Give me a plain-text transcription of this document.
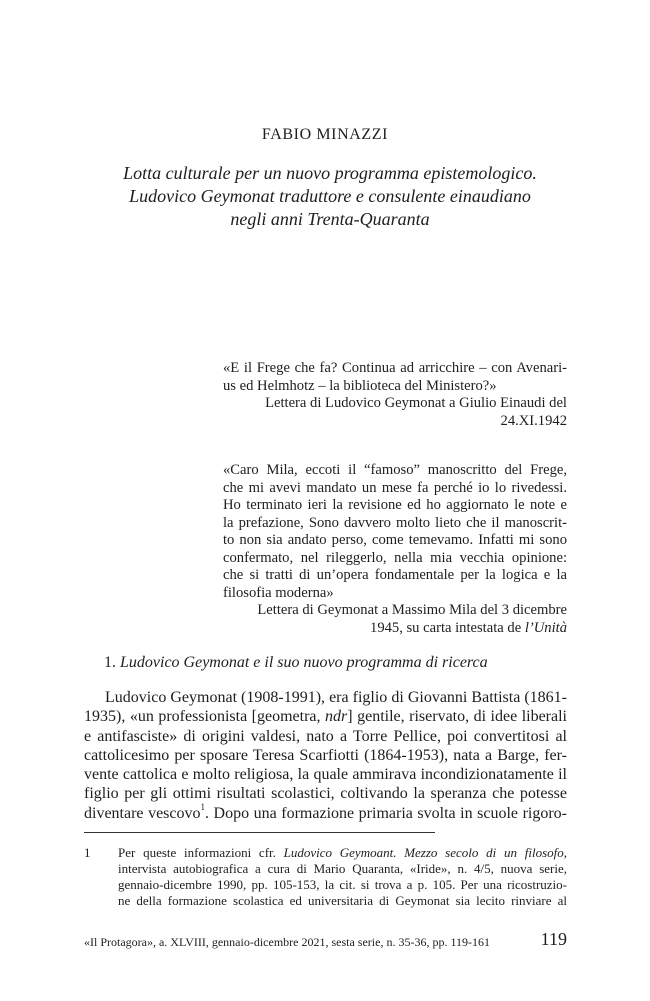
FABIO MINAZZI
Lotta culturale per un nuovo programma epistemologico.
Ludovico Geymonat traduttore e consulente einaudiano
negli anni Trenta-Quaranta
«E il Frege che fa? Continua ad arricchire – con Avenari-
us ed Helmhotz – la biblioteca del Ministero?»
Lettera di Ludovico Geymonat a Giulio Einaudi del
24.XI.1942
«Caro Mila, eccoti il “famoso” manoscritto del Frege,
che mi avevi mandato un mese fa perché io lo rivedessi.
Ho terminato ieri la revisione ed ho aggiornato le note e
la prefazione, Sono davvero molto lieto che il manoscrit-
to non sia andato perso, come temevamo. Infatti mi sono
confermato, nel rileggerlo, nella mia vecchia opinione:
che si tratti di un’opera fondamentale per la logica e la
filosofia moderna»
Lettera di Geymonat a Massimo Mila del 3 dicembre
1945, su carta intestata de l’Unità
1. Ludovico Geymonat e il suo nuovo programma di ricerca
Ludovico Geymonat (1908-1991), era figlio di Giovanni Battista (1861-
1935), «un professionista [geometra, ndr] gentile, riservato, di idee liberali
e antifasciste» di origini valdesi, nato a Torre Pellice, poi convertitosi al
cattolicesimo per sposare Teresa Scarfiotti (1864-1953), nata a Barge, fer-
vente cattolica e molto religiosa, la quale ammirava incondizionatamente il
figlio per gli ottimi risultati scolastici, coltivando la speranza che potesse
diventare vescovo$^1$. Dopo una formazione primaria svolta in scuole rigoro-
1 Per queste informazioni cfr. Ludovico Geymoant. Mezzo secolo di un filosofo,
intervista autobiografica a cura di Mario Quaranta, «Iride», n. 4/5, nuova serie,
gennaio-dicembre 1990, pp. 105-153, la cit. si trova a p. 105. Per una ricostruzio-
ne della formazione scolastica ed universitaria di Geymonat sia lecito rinviare al
«Il Protagora», a. XLVIII, gennaio-dicembre 2021, sesta serie, n. 35-36, pp. 119-161	119
